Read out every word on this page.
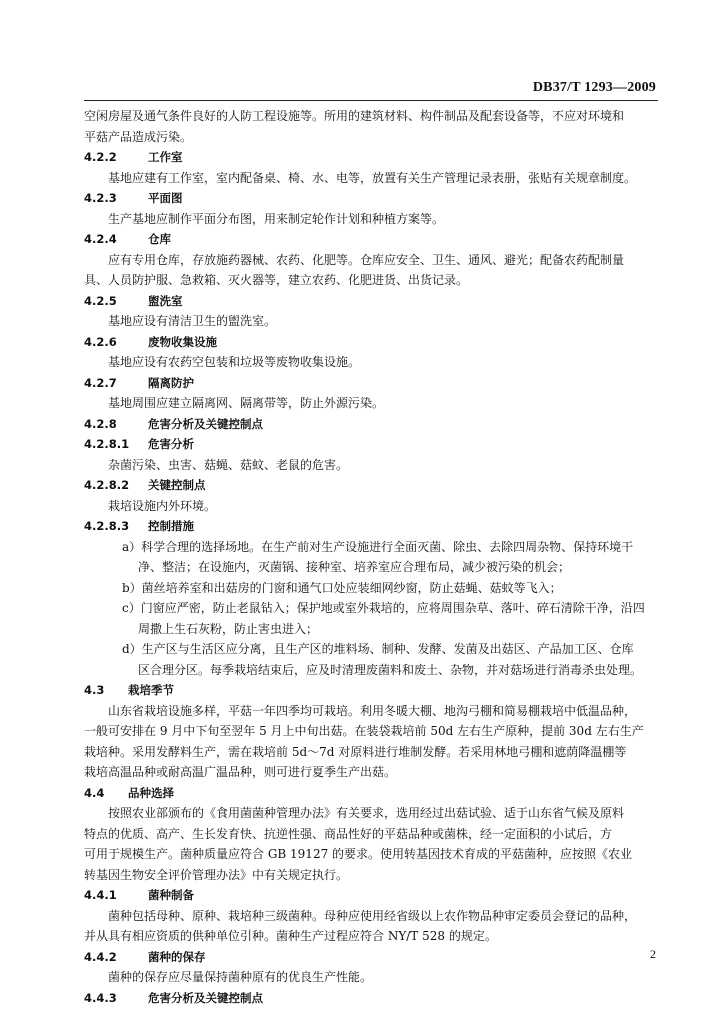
DB37/T 1293—2009
空闲房屋及通气条件良好的人防工程设施等。所用的建筑材料、构件制品及配套设备等，不应对环境和
平菇产品造成污染。
4.2.2	工作室
基地应建有工作室，室内配备桌、椅、水、电等，放置有关生产管理记录表册，张贴有关规章制度。
4.2.3	平面图
生产基地应制作平面分布图，用来制定轮作计划和种植方案等。
4.2.4	仓库
应有专用仓库，存放施药器械、农药、化肥等。仓库应安全、卫生、通风、避光；配备农药配制量
具、人员防护服、急救箱、灭火器等，建立农药、化肥进货、出货记录。
4.2.5	盥洗室
基地应设有清洁卫生的盥洗室。
4.2.6	废物收集设施
基地应设有农药空包装和垃圾等废物收集设施。
4.2.7	隔离防护
基地周围应建立隔离网、隔离带等，防止外源污染。
4.2.8	危害分析及关键控制点
4.2.8.1 危害分析
杂菌污染、虫害、菇蝇、菇蚊、老鼠的危害。
4.2.8.2 关键控制点
栽培设施内外环境。
4.2.8.3 控制措施
a）科学合理的选择场地。在生产前对生产设施进行全面灭菌、除虫、去除四周杂物、保持环境干
净、整洁；在设施内，灭菌锅、接种室、培养室应合理布局，减少被污染的机会；
b）菌丝培养室和出菇房的门窗和通气口处应装细网纱窗，防止菇蝇、菇蚊等飞入；
c）门窗应严密，防止老鼠钻入；保护地或室外栽培的，应将周围杂草、落叶、碎石清除干净，沿四
周撒上生石灰粉，防止害虫进入；
d）生产区与生活区应分离，且生产区的堆料场、制种、发酵、发菌及出菇区、产品加工区、仓库
区合理分区。每季栽培结束后，应及时清理废菌料和废土、杂物，并对菇场进行消毒杀虫处理。
4.3 栽培季节
山东省栽培设施多样，平菇一年四季均可栽培。利用冬暖大棚、地沟弓棚和简易棚栽培中低温品种，
一般可安排在 9 月中下旬至翌年 5 月上中旬出菇。在装袋栽培前 50d 左右生产原种，提前 30d 左右生产
栽培种。采用发酵料生产，需在栽培前 5d～7d 对原料进行堆制发酵。若采用林地弓棚和遮荫降温棚等
栽培高温品种或耐高温广温品种，则可进行夏季生产出菇。
4.4 品种选择
按照农业部颁布的《食用菌菌种管理办法》有关要求，选用经过出菇试验、适于山东省气候及原料
特点的优质、高产、生长发育快、抗逆性强、商品性好的平菇品种或菌株，经一定面积的小试后，方
可用于规模生产。菌种质量应符合 GB 19127 的要求。使用转基因技术育成的平菇菌种，应按照《农业
转基因生物安全评价管理办法》中有关规定执行。
4.4.1	菌种制备
菌种包括母种、原种、栽培种三级菌种。母种应使用经省级以上农作物品种审定委员会登记的品种，
并从具有相应资质的供种单位引种。菌种生产过程应符合 NY/T 528 的规定。
4.4.2	菌种的保存
菌种的保存应尽量保持菌种原有的优良生产性能。
4.4.3	危害分析及关键控制点
2
